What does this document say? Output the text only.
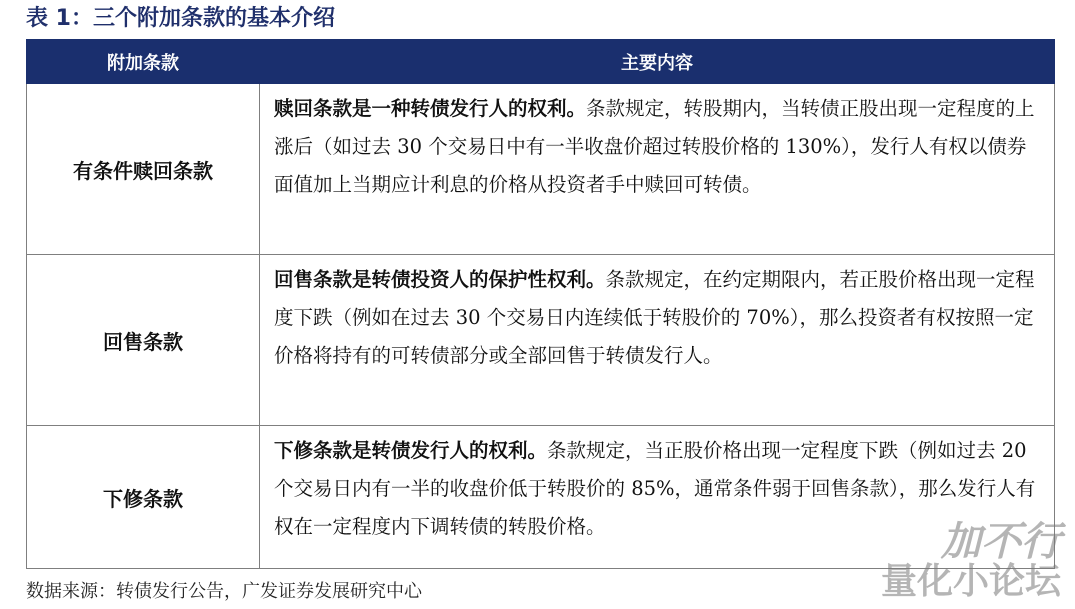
表 1：三个附加条款的基本介绍
附加条款	主要内容
有条件赎回条款	赎回条款是一种转债发行人的权利。条款规定，转股期内，当转债正股出现一定程度的上涨后（如过去 30 个交易日中有一半收盘价超过转股价格的 130%），发行人有权以债券面值加上当期应计利息的价格从投资者手中赎回可转债。
回售条款	回售条款是转债投资人的保护性权利。条款规定，在约定期限内，若正股价格出现一定程度下跌（例如在过去 30 个交易日内连续低于转股价的 70%），那么投资者有权按照一定价格将持有的可转债部分或全部回售于转债发行人。
下修条款	下修条款是转债发行人的权利。条款规定，当正股价格出现一定程度下跌（例如过去 20 个交易日内有一半的收盘价低于转股价的 85%，通常条件弱于回售条款），那么发行人有权在一定程度内下调转债的转股价格。
数据来源：转债发行公告，广发证券发展研究中心
加不行
量化小论坛
